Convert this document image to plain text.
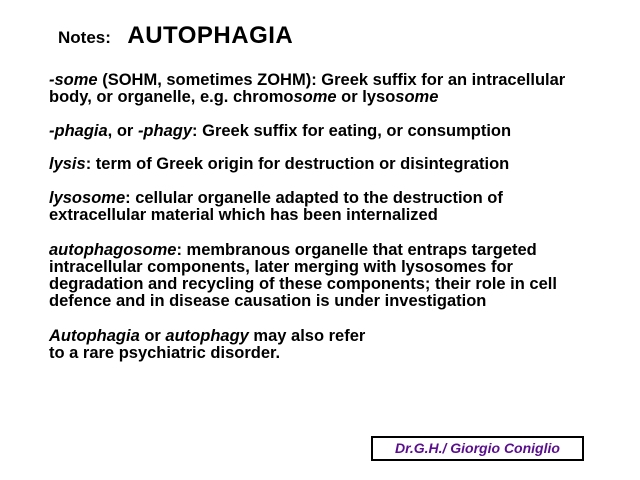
Notes: AUTOPHAGIA

-some (SOHM, sometimes ZOHM): Greek suffix for an intracellular body, or organelle, e.g. chromosome or lysosome

-phagia, or -phagy: Greek suffix for eating, or consumption

lysis: term of Greek origin for destruction or disintegration

lysosome: cellular organelle adapted to the destruction of extracellular material which has been internalized

autophagosome: membranous organelle that entraps targeted intracellular components, later merging with lysosomes for degradation and recycling of these components; their role in cell defence and in disease causation is under investigation

Autophagia or autophagy may also refer to a rare psychiatric disorder.

Dr.G.H./ Giorgio Coniglio
